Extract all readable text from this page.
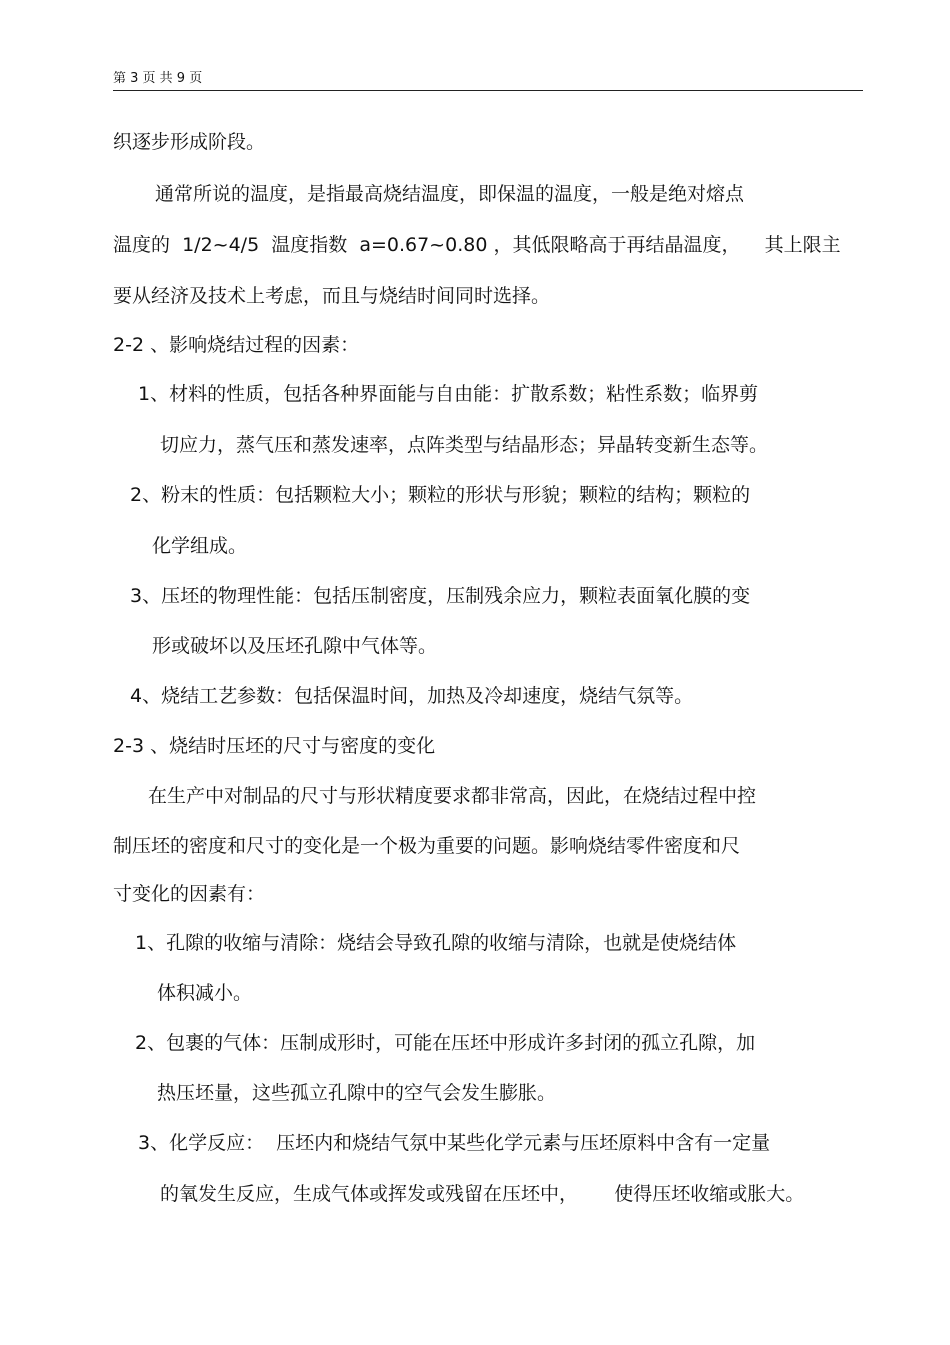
第 3 页 共 9 页
织逐步形成阶段。
通常所说的温度，是指最高烧结温度，即保温的温度，一般是绝对熔点
温度的  1/2~4/5  温度指数  a=0.67~0.80 ，其低限略高于再结晶温度，    其上限主
要从经济及技术上考虑，而且与烧结时间同时选择。
2-2 、影响烧结过程的因素：
1、材料的性质，包括各种界面能与自由能：扩散系数；粘性系数；临界剪
切应力，蒸气压和蒸发速率，点阵类型与结晶形态；异晶转变新生态等。
2、粉末的性质：包括颗粒大小；颗粒的形状与形貌；颗粒的结构；颗粒的
化学组成。
3、压坯的物理性能：包括压制密度，压制残余应力，颗粒表面氧化膜的变
形或破坏以及压坯孔隙中气体等。
4、烧结工艺参数：包括保温时间，加热及冷却速度，烧结气氛等。
2-3 、烧结时压坯的尺寸与密度的变化
在生产中对制品的尺寸与形状精度要求都非常高，因此，在烧结过程中控
制压坯的密度和尺寸的变化是一个极为重要的问题。影响烧结零件密度和尺
寸变化的因素有：
1、孔隙的收缩与清除：烧结会导致孔隙的收缩与清除，也就是使烧结体
体积减小。
2、包裹的气体：压制成形时，可能在压坯中形成许多封闭的孤立孔隙，加
热压坯量，这些孤立孔隙中的空气会发生膨胀。
3、化学反应：  压坯内和烧结气氛中某些化学元素与压坯原料中含有一定量
的氧发生反应，生成气体或挥发或残留在压坯中，      使得压坯收缩或胀大。
